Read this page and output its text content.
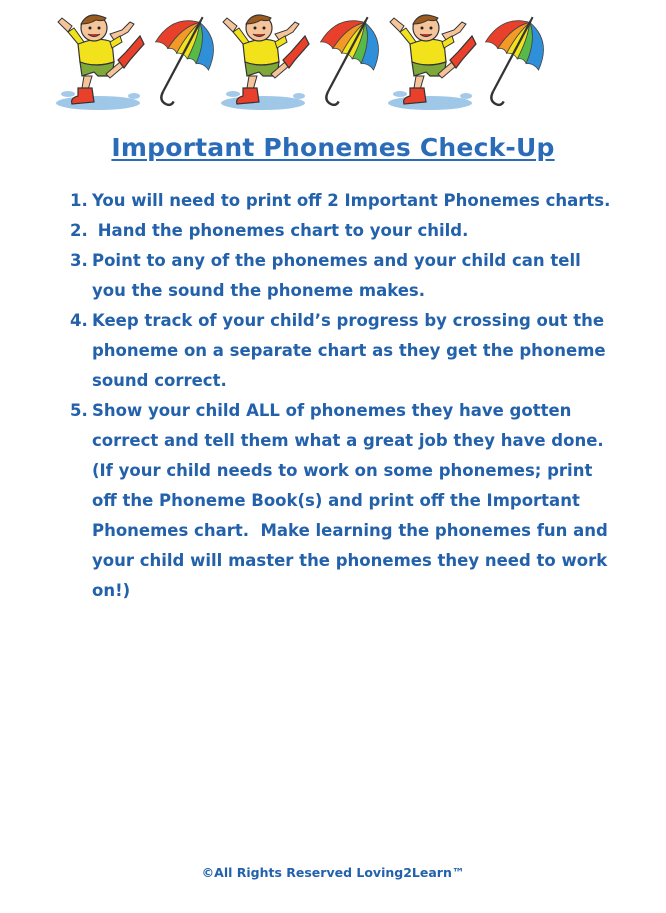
Important Phonemes Check-Up
1. You will need to print off 2 Important Phonemes charts.
2. Hand the phonemes chart to your child.
3. Point to any of the phonemes and your child can tell you the sound the phoneme makes.
4. Keep track of your child’s progress by crossing out the phoneme on a separate chart as they get the phoneme sound correct.
5. Show your child ALL of phonemes they have gotten correct and tell them what a great job they have done. (If your child needs to work on some phonemes; print off the Phoneme Book(s) and print off the Important Phonemes chart.  Make learning the phonemes fun and your child will master the phonemes they need to work on!)
©All Rights Reserved Loving2Learn™
